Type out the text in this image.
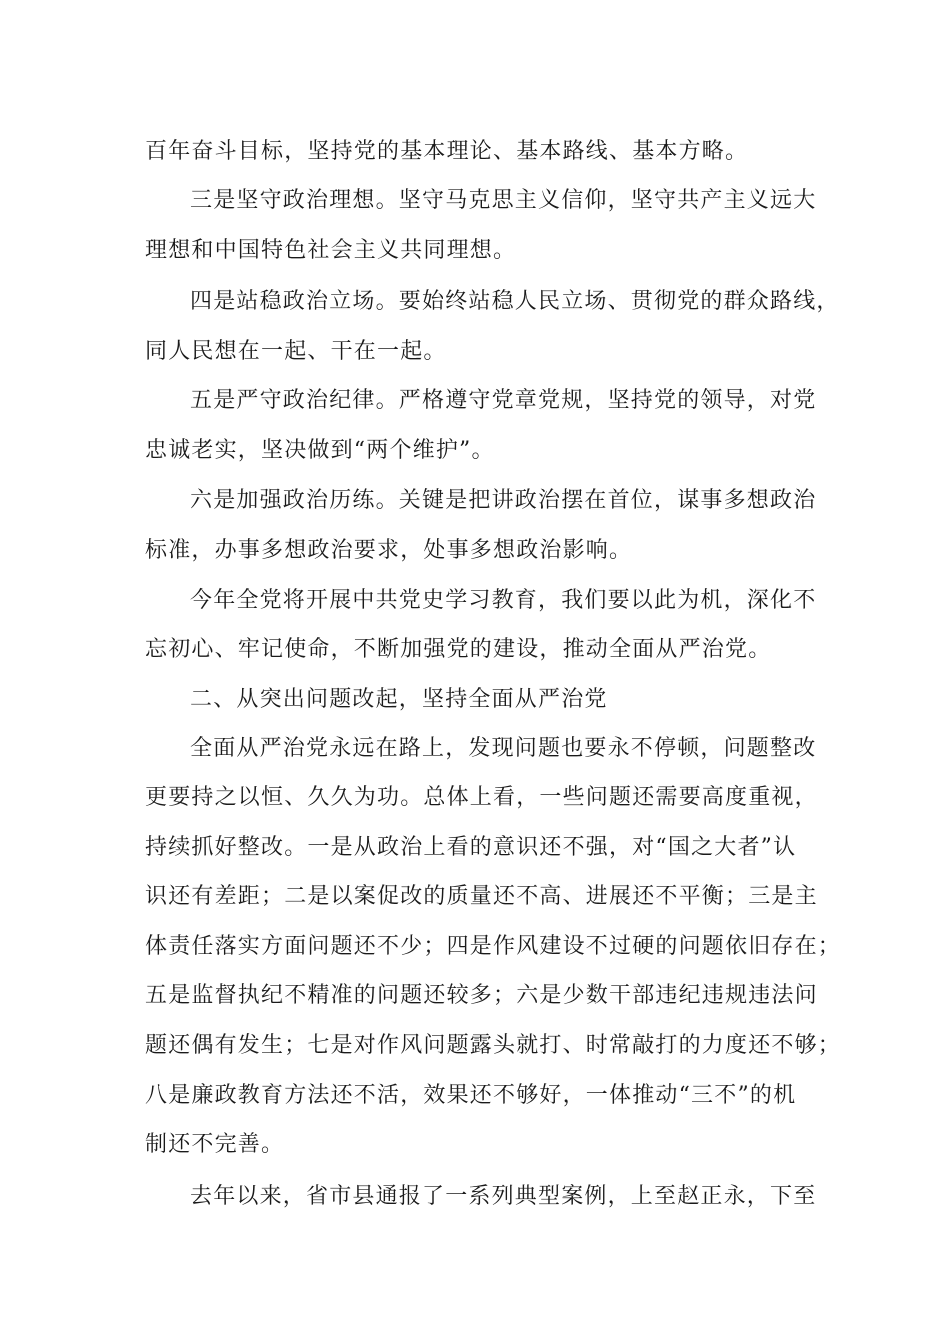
百年奋斗目标，坚持党的基本理论、基本路线、基本方略。

三是坚守政治理想。坚守马克思主义信仰，坚守共产主义远大

理想和中国特色社会主义共同理想。

四是站稳政治立场。要始终站稳人民立场、贯彻党的群众路线，

同人民想在一起、干在一起。

五是严守政治纪律。严格遵守党章党规，坚持党的领导，对党

忠诚老实，坚决做到“两个维护”。

六是加强政治历练。关键是把讲政治摆在首位，谋事多想政治

标准，办事多想政治要求，处事多想政治影响。

今年全党将开展中共党史学习教育，我们要以此为机，深化不

忘初心、牢记使命，不断加强党的建设，推动全面从严治党。

二、从突出问题改起，坚持全面从严治党

全面从严治党永远在路上，发现问题也要永不停顿，问题整改

更要持之以恒、久久为功。总体上看，一些问题还需要高度重视，

持续抓好整改。一是从政治上看的意识还不强，对“国之大者”认

识还有差距；二是以案促改的质量还不高、进展还不平衡；三是主

体责任落实方面问题还不少；四是作风建设不过硬的问题依旧存在；

五是监督执纪不精准的问题还较多；六是少数干部违纪违规违法问

题还偶有发生；七是对作风问题露头就打、时常敲打的力度还不够；

八是廉政教育方法还不活，效果还不够好，一体推动“三不”的机

制还不完善。

去年以来，省市县通报了一系列典型案例，上至赵正永，下至
